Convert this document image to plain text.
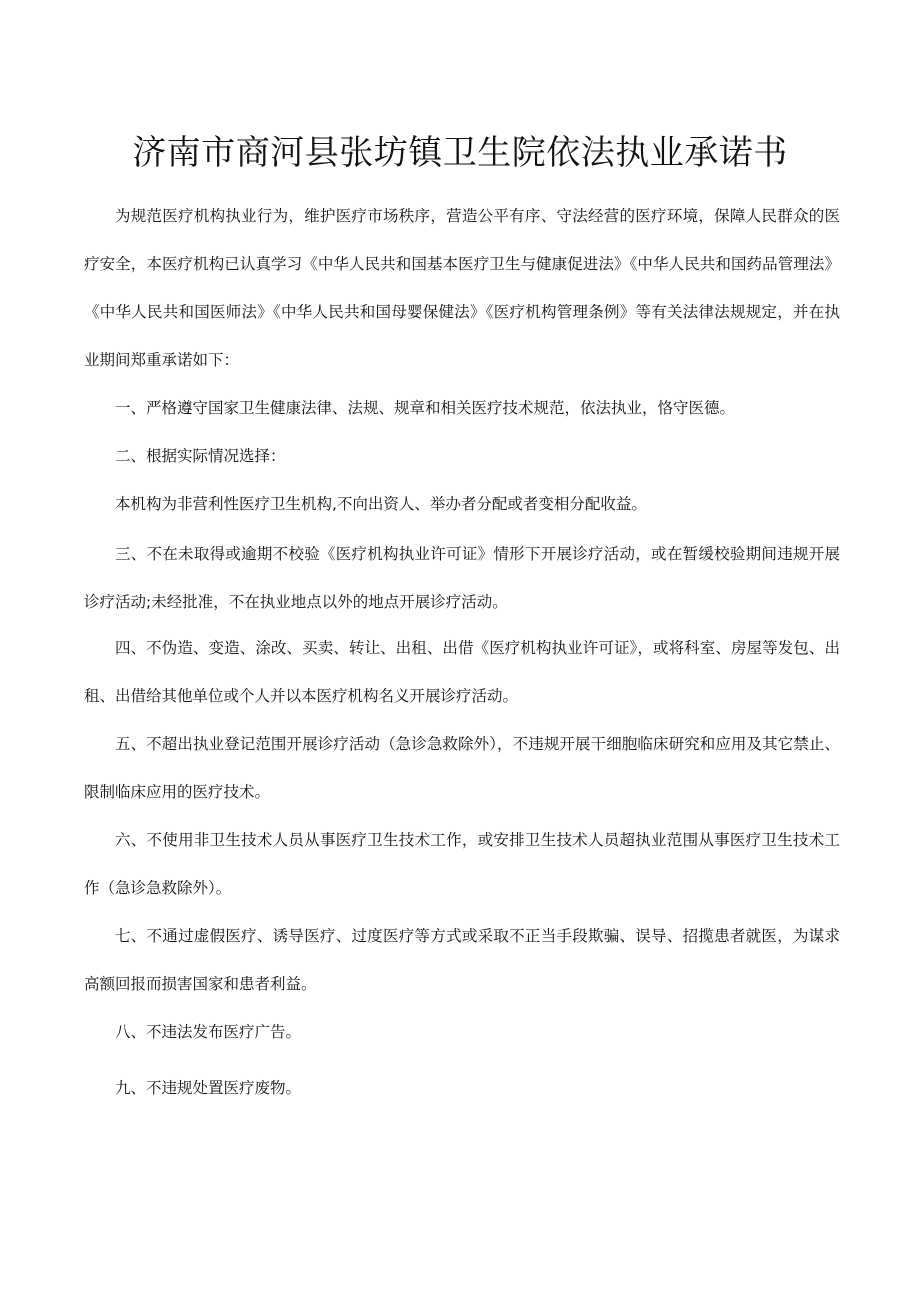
济南市商河县张坊镇卫生院依法执业承诺书

为规范医疗机构执业行为，维护医疗市场秩序，营造公平有序、守法经营的医疗环境，保障人民群众的医疗安全，本医疗机构已认真学习《中华人民共和国基本医疗卫生与健康促进法》《中华人民共和国药品管理法》《中华人民共和国医师法》《中华人民共和国母婴保健法》《医疗机构管理条例》等有关法律法规规定，并在执业期间郑重承诺如下：

一、严格遵守国家卫生健康法律、法规、规章和相关医疗技术规范，依法执业，恪守医德。

二、根据实际情况选择：

本机构为非营利性医疗卫生机构,不向出资人、举办者分配或者变相分配收益。

三、不在未取得或逾期不校验《医疗机构执业许可证》情形下开展诊疗活动，或在暂缓校验期间违规开展诊疗活动;未经批准，不在执业地点以外的地点开展诊疗活动。

四、不伪造、变造、涂改、买卖、转让、出租、出借《医疗机构执业许可证》，或将科室、房屋等发包、出租、出借给其他单位或个人并以本医疗机构名义开展诊疗活动。

五、不超出执业登记范围开展诊疗活动（急诊急救除外），不违规开展干细胞临床研究和应用及其它禁止、限制临床应用的医疗技术。

六、不使用非卫生技术人员从事医疗卫生技术工作，或安排卫生技术人员超执业范围从事医疗卫生技术工作（急诊急救除外）。

七、不通过虚假医疗、诱导医疗、过度医疗等方式或采取不正当手段欺骗、误导、招揽患者就医，为谋求高额回报而损害国家和患者利益。

八、不违法发布医疗广告。

九、不违规处置医疗废物。
